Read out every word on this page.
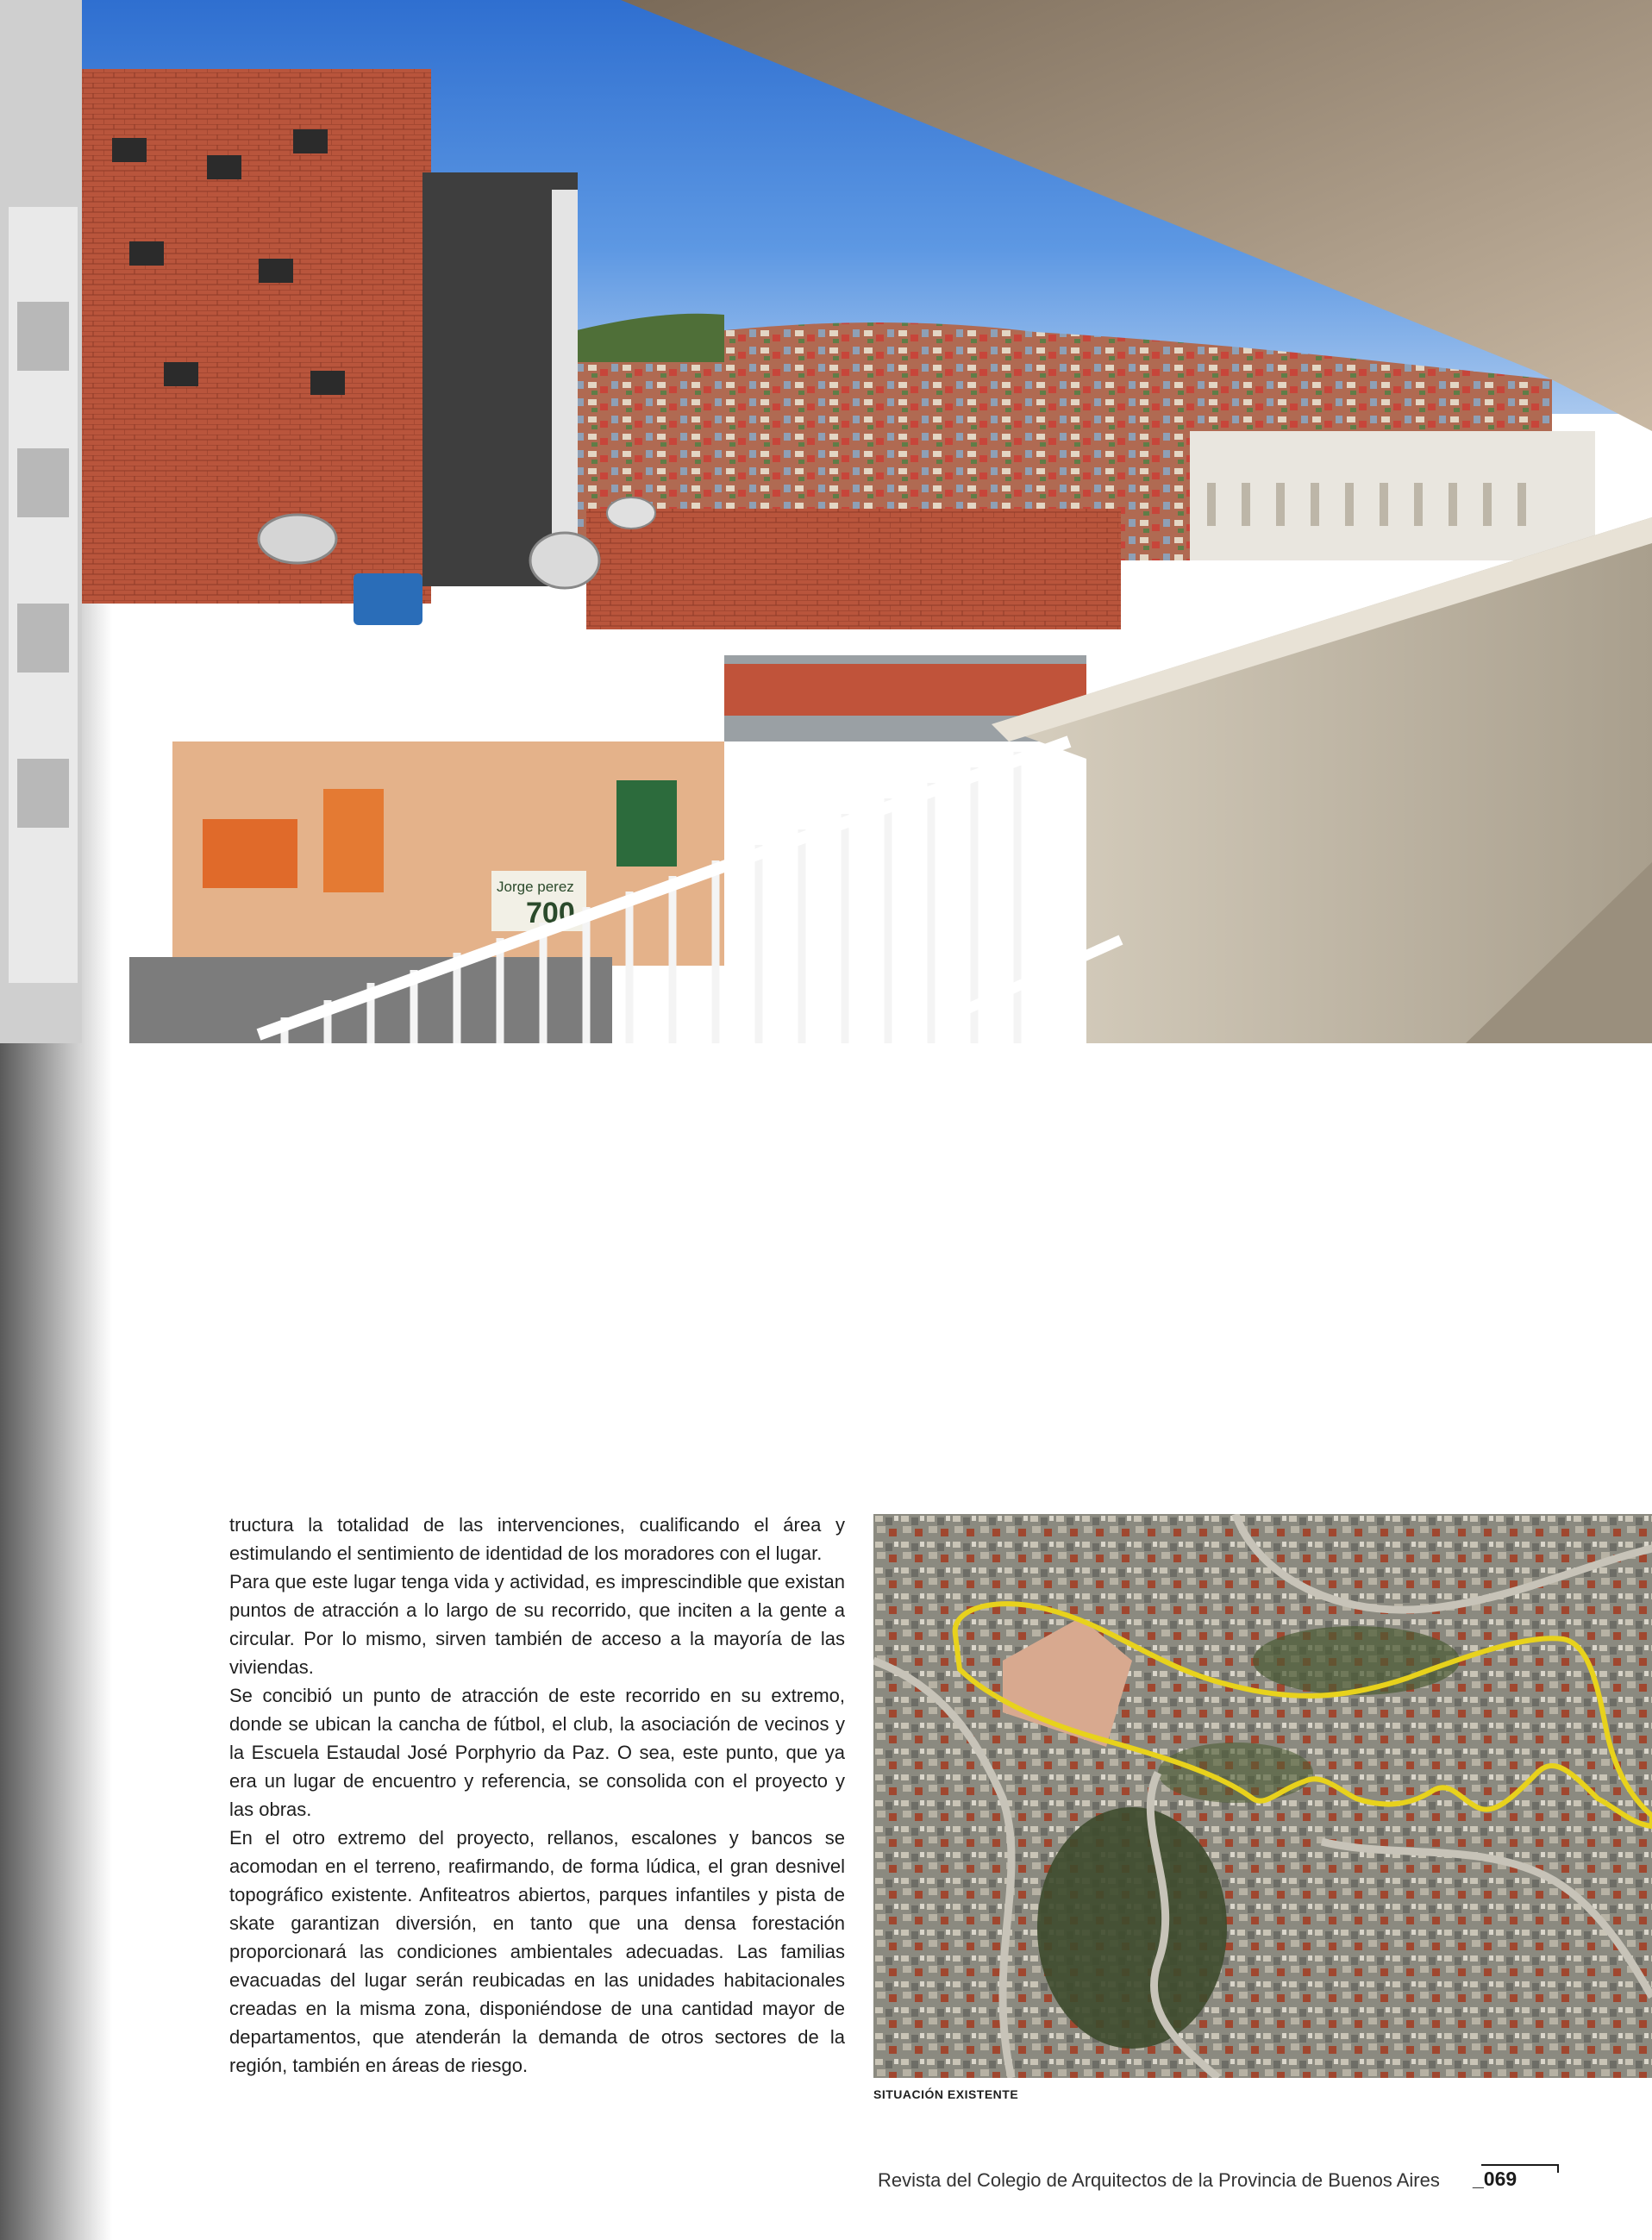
Jorge perez
700

tructura la totalidad de las intervenciones, cualificando el área y estimulando el sentimiento de identidad de los moradores con el lugar.

Para que este lugar tenga vida y actividad, es imprescindible que existan puntos de atracción a lo largo de su recorrido, que inciten a la gente a circular. Por lo mismo, sirven también de acceso a la mayoría de las viviendas.

Se concibió un punto de atracción de este recorrido en su extremo, donde se ubican la cancha de fútbol, el club, la asociación de vecinos y la Escuela Estaudal José Porphyrio da Paz. O sea, este punto, que ya era un lugar de encuentro y referencia, se consolida con el proyecto y las obras.

En el otro extremo del proyecto, rellanos, escalones y bancos se acomodan en el terreno, reafirmando, de forma lúdica, el gran desnivel topográfico existente. Anfiteatros abiertos, parques infantiles y pista de skate garantizan diversión, en tanto que una densa forestación proporcionará las condiciones ambientales adecuadas. Las familias evacuadas del lugar serán reubicadas en las unidades habitacionales creadas en la misma zona, disponiéndose de una cantidad mayor de departamentos, que atenderán la demanda de otros sectores de la región, también en áreas de riesgo.

SITUACIÓN EXISTENTE
Revista del Colegio de Arquitectos de la Provincia de Buenos Aires _069
